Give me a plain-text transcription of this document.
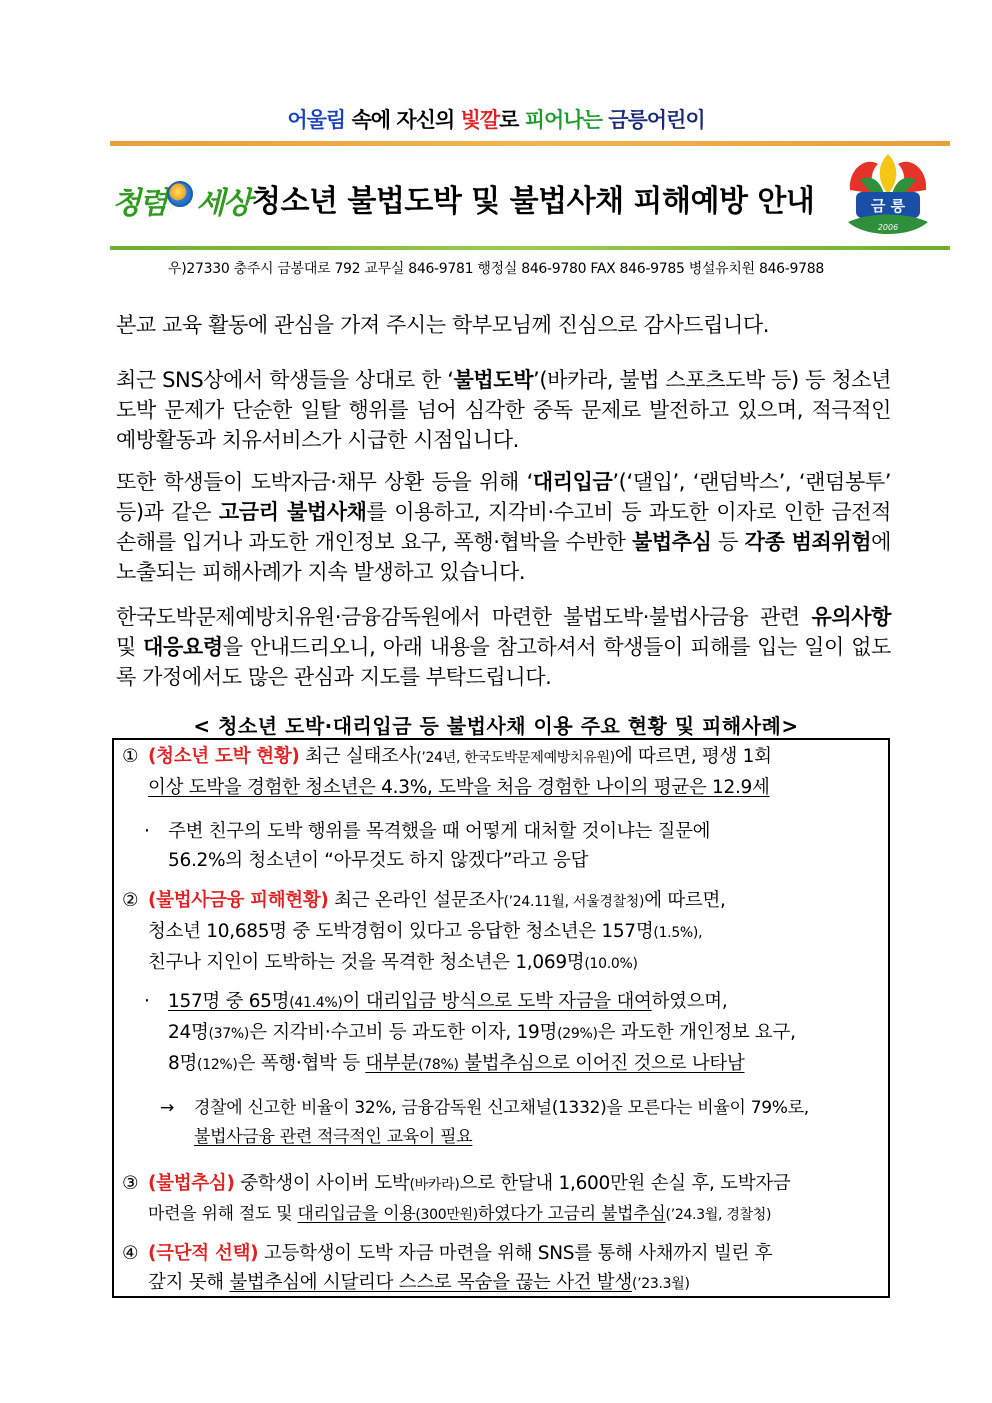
어울림 속에 자신의 빛깔로 피어나는 금릉어린이
청렴 세상 청소년 불법도박 및 불법사채 피해예방 안내	금 릉
2006
우)27330 충주시 금봉대로 792 교무실 846-9781 행정실 846-9780 FAX 846-9785 병설유치원 846-9788
본교 교육 활동에 관심을 가져 주시는 학부모님께 진심으로 감사드립니다.
최근 SNS상에서 학생들을 상대로 한 ‘불법도박’(바카라, 불법 스포츠도박 등) 등 청소년 도박 문제가 단순한 일탈 행위를 넘어 심각한 중독 문제로 발전하고 있으며, 적극적인 예방활동과 치유서비스가 시급한 시점입니다.
또한 학생들이 도박자금·채무 상환 등을 위해 ‘대리입금’(‘댈입’, ‘랜덤박스’, ‘랜덤봉투’ 등)과 같은 고금리 불법사채를 이용하고, 지각비·수고비 등 과도한 이자로 인한 금전적 손해를 입거나 과도한 개인정보 요구, 폭행·협박을 수반한 불법추심 등 각종 범죄위험에 노출되는 피해사례가 지속 발생하고 있습니다.
한국도박문제예방치유원·금융감독원에서 마련한 불법도박·불법사금융 관련 유의사항 및 대응요령을 안내드리오니, 아래 내용을 참고하셔서 학생들이 피해를 입는 일이 없도록 가정에서도 많은 관심과 지도를 부탁드립니다.
< 청소년 도박·대리입금 등 불법사채 이용 주요 현황 및 피해사례>
① (청소년 도박 현황) 최근 실태조사(’24년, 한국도박문제예방치유원)에 따르면, 평생 1회
이상 도박을 경험한 청소년은 4.3%, 도박을 처음 경험한 나이의 평균은 12.9세
· 주변 친구의 도박 행위를 목격했을 때 어떻게 대처할 것이냐는 질문에
56.2%의 청소년이 “아무것도 하지 않겠다”라고 응답
② (불법사금융 피해현황) 최근 온라인 설문조사(’24.11월, 서울경찰청)에 따르면,
청소년 10,685명 중 도박경험이 있다고 응답한 청소년은 157명(1.5%),
친구나 지인이 도박하는 것을 목격한 청소년은 1,069명(10.0%)
· 157명 중 65명(41.4%)이 대리입금 방식으로 도박 자금을 대여하였으며,
24명(37%)은 지각비·수고비 등 과도한 이자, 19명(29%)은 과도한 개인정보 요구,
8명(12%)은 폭행·협박 등 대부분(78%) 불법추심으로 이어진 것으로 나타남
→ 경찰에 신고한 비율이 32%, 금융감독원 신고채널(1332)을 모른다는 비율이 79%로,
불법사금융 관련 적극적인 교육이 필요
③ (불법추심) 중학생이 사이버 도박(바카라)으로 한달내 1,600만원 손실 후, 도박자금
마련을 위해 절도 및 대리입금을 이용(300만원)하였다가 고금리 불법추심(’24.3월, 경찰청)
④ (극단적 선택) 고등학생이 도박 자금 마련을 위해 SNS를 통해 사채까지 빌린 후
갚지 못해 불법추심에 시달리다 스스로 목숨을 끊는 사건 발생(’23.3월)
